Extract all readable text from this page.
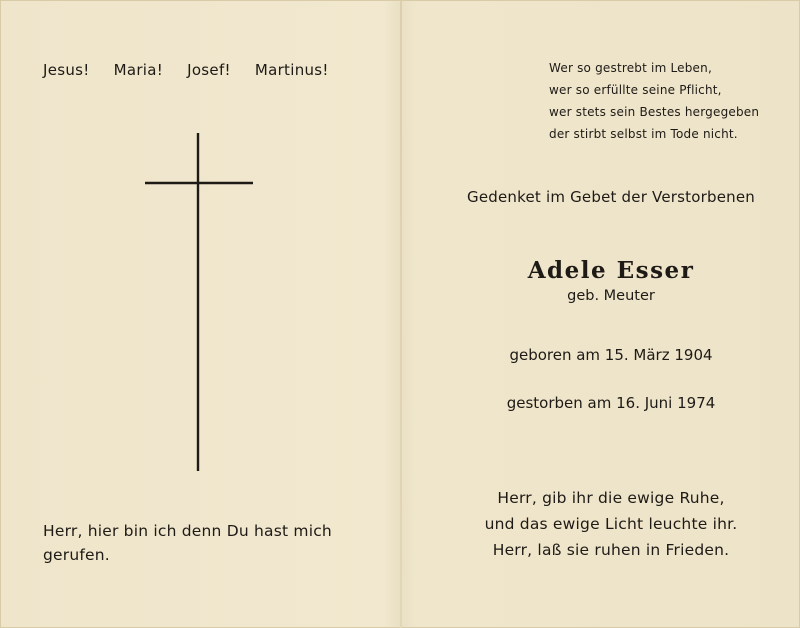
Jesus! Maria! Josef! Martinus!
Herr, hier bin ich denn Du hast mich
gerufen.
Wer so gestrebt im Leben,
wer so erfüllte seine Pflicht,
wer stets sein Bestes hergegeben
der stirbt selbst im Tode nicht.
Gedenket im Gebet der Verstorbenen
Adele Esser
geb. Meuter
geboren am 15. März 1904
gestorben am 16. Juni 1974
Herr, gib ihr die ewige Ruhe,
und das ewige Licht leuchte ihr.
Herr, laß sie ruhen in Frieden.
